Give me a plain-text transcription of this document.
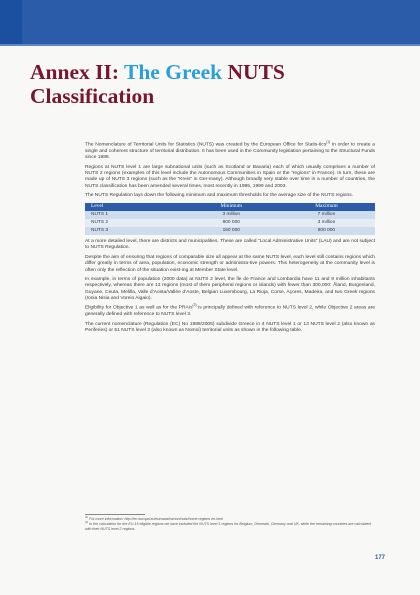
Annex II: The Greek NUTS
Classification

The Nomenclature of Territorial Units for Statistics (NUTS) was created by the European Office for Statis-tics$^{(1)}$ in order to create a single and coherent structure of territorial distribution. It has been used in the Community legislation pertaining to the Structural Funds since 1988.

Regions at NUTS level 1 are large subnational units (such as Scotland or Bavaria) each of which usually comprises a number of NUTS 2 regions (examples of this level include the Autonomous Communities in Spain or the “regions” in France). In turn, these are made up of NUTS 3 regions (such as the “Kreis” in Ger-many). Although broadly very stable over time in a number of countries, the NUTS classification has been amended several times, most recently in 1995, 1999 and 2003.

The NUTS Regulation lays down the following minimum and maximum thresholds for the average size of the NUTS regions.

Level	Minimum	Maximum
NUTS 1	3 million	7 million
NUTS 2	800 000	3 million
NUTS 3	150 000	800 000

At a more detailed level, there are districts and municipalities. These are called “Local Administrative Units” (LAU) and are not subject to NUTS Regulation.

Despite the aim of ensuring that regions of comparable size all appear at the same NUTS level, each level still contains regions which differ greatly in terms of area, population, economic strength or administra-tive powers. This heterogeneity at the community level is often only the reflection of the situation exist-ing at Member State level.

In example, in terms of population (2000 data) at NUTS 2 level, the Île de France and Lombardia have 11 and 9 million inhabitants respectively, whereas there are 13 regions (most of them peripheral regions or islands) with fewer than 300,000: Åland, Burgenland, Guyane, Ceuta, Melilla, Valle d’Aosta/Vallée d’Aoste, Belgian Luxembourg, La Rioja, Corse, Açores, Madeira, and two Greek regions (Ionia Nisia and Voreio Aigaio).

Eligibility for Objective 1 as well as for the PRAIs$^{(2)}$ is principally defined with reference to NUTS level 2, while Objective 2 areas are generally defined with reference to NUTS level 3.

The current nomenclature (Regulation (EC) No 1888/2005) subdivide Greece in 4 NUTS level 1 or 13 NUTS level 2 (also known as Periferies) or 51 NUTS level 3 (also known as Nomoi) territorial units as shown in the following table.

$^{(1)}$ For more information: http://ec.europa.eu/eurostat/ramon/nuts/home regions en.html
$^{(2)}$ In the calculation for the EU-15 eligible regions we have included the NUTS level 1 regions for Belgium, Denmark, Germany and UK, while the remaining countries are calculated with their NUTS level 2 regions.
177
